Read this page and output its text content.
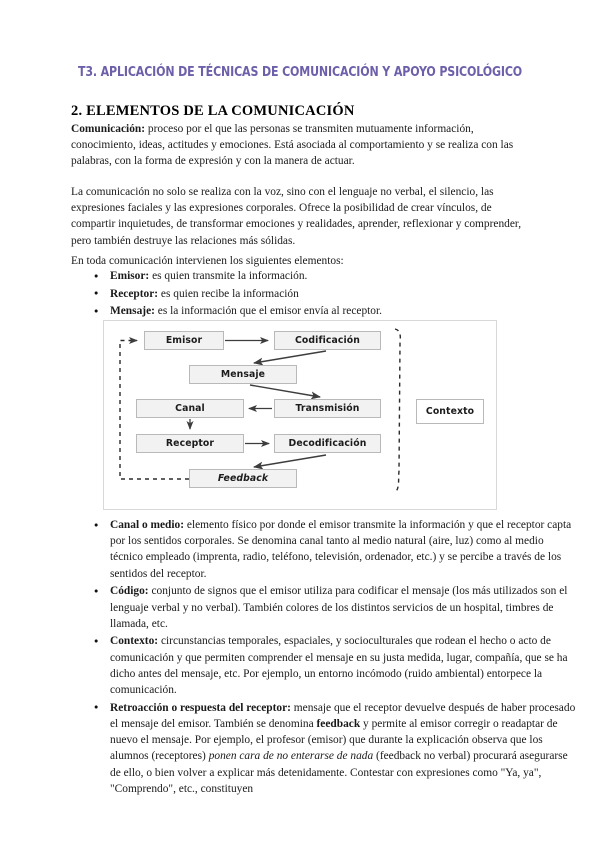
T3. APLICACIÓN DE TÉCNICAS DE COMUNICACIÓN Y APOYO PSICOLÓGICO
2. ELEMENTOS DE LA COMUNICACIÓN
Comunicación: proceso por el que las personas se transmiten mutuamente información, conocimiento, ideas, actitudes y emociones. Está asociada al comportamiento y se realiza con las palabras, con la forma de expresión y con la manera de actuar.
La comunicación no solo se realiza con la voz, sino con el lenguaje no verbal, el silencio, las expresiones faciales y las expresiones corporales. Ofrece la posibilidad de crear vínculos, de compartir inquietudes, de transformar emociones y realidades, aprender, reflexionar y comprender, pero también destruye las relaciones más sólidas.
En toda comunicación intervienen los siguientes elementos:
● Emisor: es quien transmite la información.
● Receptor: es quien recibe la información
● Mensaje: es la información que el emisor envía al receptor.
Emisor	Codificación
Mensaje
Canal	Transmisión
Receptor	Decodificación
Feedback
Contexto
● Canal o medio: elemento físico por donde el emisor transmite la información y que el receptor capta por los sentidos corporales. Se denomina canal tanto al medio natural (aire, luz) como al medio técnico empleado (imprenta, radio, teléfono, televisión, ordenador, etc.) y se percibe a través de los sentidos del receptor.
● Código: conjunto de signos que el emisor utiliza para codificar el mensaje (los más utilizados son el lenguaje verbal y no verbal). También colores de los distintos servicios de un hospital, timbres de llamada, etc.
● Contexto: circunstancias temporales, espaciales, y socioculturales que rodean el hecho o acto de comunicación y que permiten comprender el mensaje en su justa medida, lugar, compañía, que se ha dicho antes del mensaje, etc. Por ejemplo, un entorno incómodo (ruido ambiental) entorpece la comunicación.
● Retroacción o respuesta del receptor: mensaje que el receptor devuelve después de haber procesado el mensaje del emisor. También se denomina feedback y permite al emisor corregir o readaptar de nuevo el mensaje. Por ejemplo, el profesor (emisor) que durante la explicación observa que los alumnos (receptores) ponen cara de no enterarse de nada (feedback no verbal) procurará asegurarse de ello, o bien volver a explicar más detenidamente. Contestar con expresiones como "Ya, ya", "Comprendo", etc., constituyen
